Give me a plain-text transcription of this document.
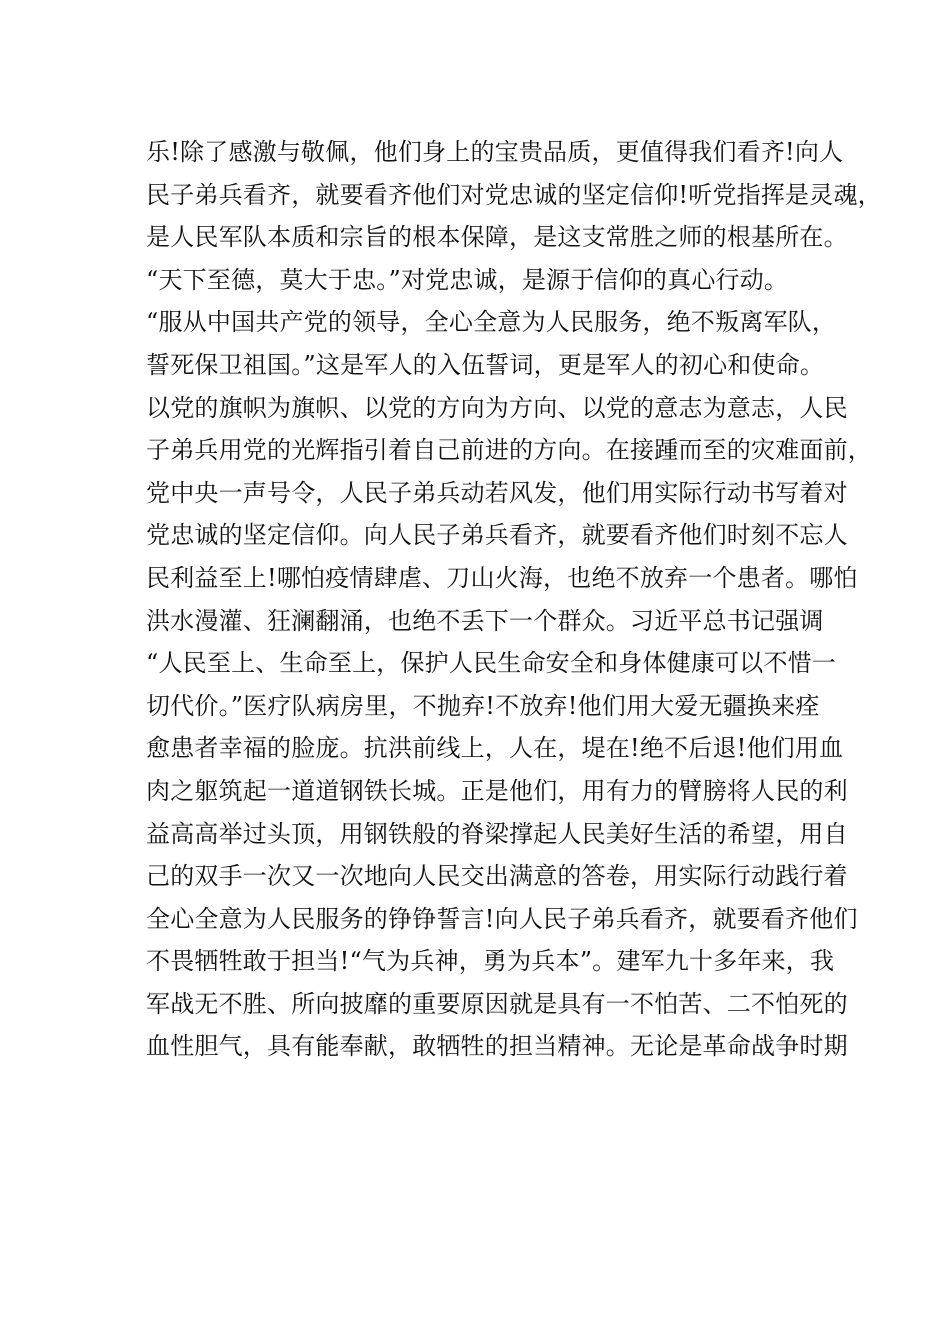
乐!除了感激与敬佩，他们身上的宝贵品质，更值得我们看齐!向人
民子弟兵看齐，就要看齐他们对党忠诚的坚定信仰!听党指挥是灵魂，
是人民军队本质和宗旨的根本保障，是这支常胜之师的根基所在。
“天下至德，莫大于忠。”对党忠诚，是源于信仰的真心行动。
“服从中国共产党的领导，全心全意为人民服务，绝不叛离军队，
誓死保卫祖国。”这是军人的入伍誓词，更是军人的初心和使命。
以党的旗帜为旗帜、以党的方向为方向、以党的意志为意志，人民
子弟兵用党的光辉指引着自己前进的方向。在接踵而至的灾难面前，
党中央一声号令，人民子弟兵动若风发，他们用实际行动书写着对
党忠诚的坚定信仰。向人民子弟兵看齐，就要看齐他们时刻不忘人
民利益至上!哪怕疫情肆虐、刀山火海，也绝不放弃一个患者。哪怕
洪水漫灌、狂澜翻涌，也绝不丢下一个群众。习近平总书记强调
“人民至上、生命至上，保护人民生命安全和身体健康可以不惜一
切代价。”医疗队病房里，不抛弃!不放弃!他们用大爱无疆换来痊
愈患者幸福的脸庞。抗洪前线上，人在，堤在!绝不后退!他们用血
肉之躯筑起一道道钢铁长城。正是他们，用有力的臂膀将人民的利
益高高举过头顶，用钢铁般的脊梁撑起人民美好生活的希望，用自
己的双手一次又一次地向人民交出满意的答卷，用实际行动践行着
全心全意为人民服务的铮铮誓言!向人民子弟兵看齐，就要看齐他们
不畏牺牲敢于担当!“气为兵神，勇为兵本”。建军九十多年来，我
军战无不胜、所向披靡的重要原因就是具有一不怕苦、二不怕死的
血性胆气，具有能奉献，敢牺牲的担当精神。无论是革命战争时期
